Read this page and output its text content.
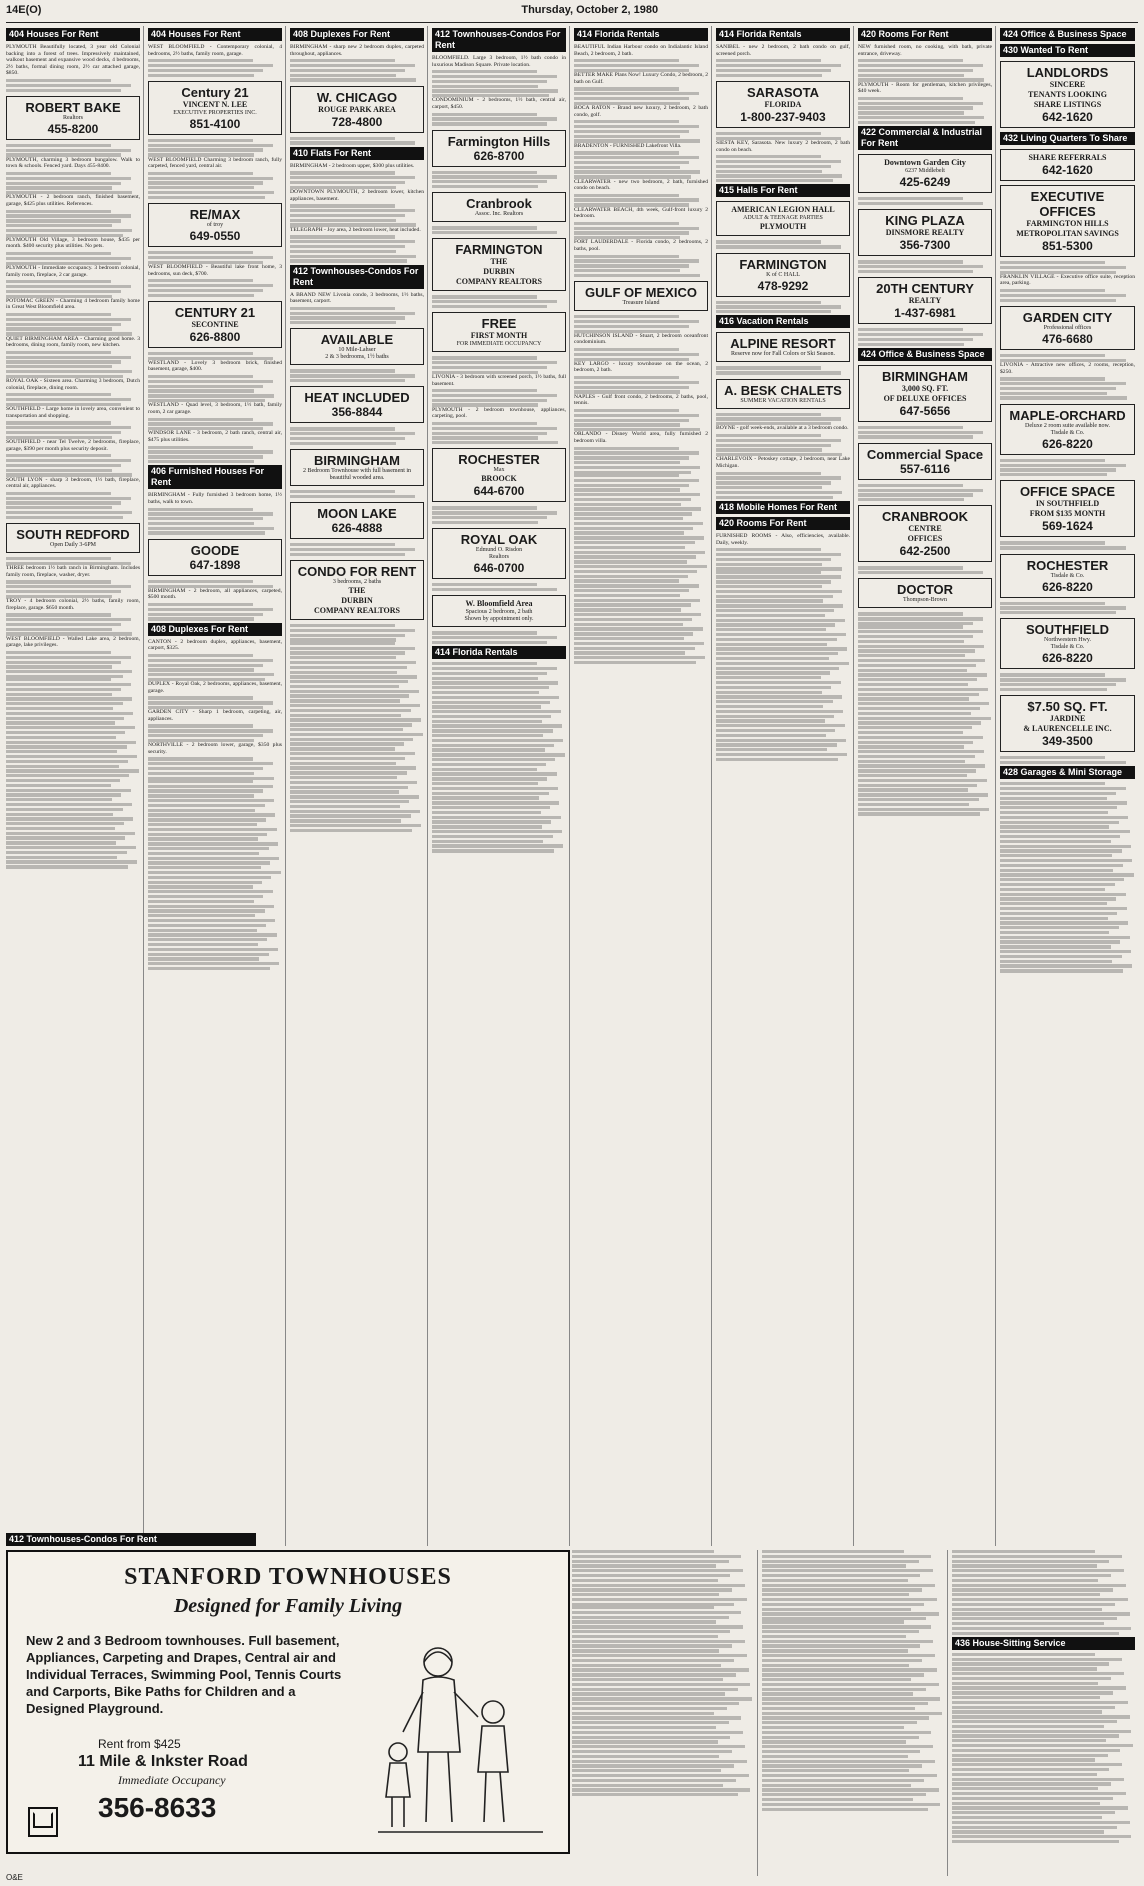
14E(O)	Thursday, October 2, 1980
404 Houses For Rent
PLYMOUTH Beautifully located, 3 year old Colonial backing into a forest of trees. Impressively maintained, walkout basement and expansive wood decks, 4 bedrooms, 2½ baths, formal dining room, 2½ car attached garage, $850.
ROBERT BAKE
Realtors
455-8200
PLYMOUTH, charming 3 bedroom bungalow. Walk to town & schools. Fenced yard. Days 455-8400.
PLYMOUTH - 2 bedroom ranch, finished basement, garage, $425 plus utilities. References.
PLYMOUTH Old Village, 3 bedroom house, $435 per month. $400 security plus utilities. No pets.
PLYMOUTH - Immediate occupancy. 3 bedroom colonial, family room, fireplace, 2 car garage.
POTOMAC GREEN - Charming 4 bedroom family home in Great West Bloomfield area.
QUIET BIRMINGHAM AREA - Charming good home. 3 bedrooms, dining room, family room, new kitchen.
ROYAL OAK - Sixteen area. Charming 3 bedroom, Dutch colonial, fireplace, dining room.
SOUTHFIELD - Large home in lovely area, convenient to transportation and shopping.
SOUTHFIELD - near Tel Twelve, 2 bedrooms, fireplace, garage, $390 per month plus security deposit.
SOUTH LYON - sharp 3 bedroom, 1½ bath, fireplace, central air, appliances.
SOUTH REDFORD
Open Daily 3-6PM
THREE bedroom 1½ bath ranch in Birmingham. Includes family room, fireplace, washer, dryer.
TROY - 4 bedroom colonial, 2½ baths, family room, fireplace, garage. $650 month.
WEST BLOOMFIELD - Walled Lake area, 2 bedroom, garage, lake privileges.
404 Houses For Rent
WEST BLOOMFIELD - Contemporary colonial, 4 bedrooms, 2½ baths, family room, garage.
Century 21
VINCENT N. LEE
EXECUTIVE PROPERTIES INC.
851-4100
WEST BLOOMFIELD Charming 3 bedroom ranch, fully carpeted, fenced yard, central air.
RE/MAX
of troy
649-0550
WEST BLOOMFIELD - Beautiful lake front home, 3 bedrooms, sun deck, $700.
CENTURY 21
SECONTINE
626-8800
WESTLAND - Lovely 3 bedroom brick, finished basement, garage, $400.
WESTLAND - Quad level, 3 bedroom, 1½ bath, family room, 2 car garage.
WINDSOR LANE - 3 bedroom, 2 bath ranch, central air, $475 plus utilities.
406 Furnished Houses For Rent
BIRMINGHAM - Fully furnished 3 bedroom home, 1½ baths, walk to town.
GOODE
647-1898
BIRMINGHAM - 2 bedroom, all appliances, carpeted, $500 month.
408 Duplexes For Rent
CANTON - 2 bedroom duplex, appliances, basement, carport, $325.
DUPLEX - Royal Oak, 2 bedrooms, appliances, basement, garage.
GARDEN CITY - Sharp 1 bedroom, carpeting, air, appliances.
NORTHVILLE - 2 bedroom lower, garage, $350 plus security.
408 Duplexes For Rent
BIRMINGHAM - sharp new 2 bedroom duplex, carpeted throughout, appliances.
W. CHICAGO
ROUGE PARK AREA
728-4800
410 Flats For Rent
BIRMINGHAM - 2 bedroom upper, $300 plus utilities.
DOWNTOWN PLYMOUTH, 2 bedroom lower, kitchen appliances, basement.
TELEGRAPH - Joy area, 2 bedroom lower, heat included.
412 Townhouses-Condos For Rent
A BRAND NEW Livonia condo, 3 bedrooms, 1½ baths, basement, carport.
AVAILABLE
10 Mile-Lahser
2 & 3 bedrooms, 1½ baths
HEAT INCLUDED
356-8844
BIRMINGHAM
2 Bedroom Townhouse with full basement in beautiful wooded area.
MOON LAKE
626-4888
CONDO FOR RENT
3 bedrooms, 2 baths
THE
DURBIN
COMPANY REALTORS
412 Townhouses-Condos For Rent
BLOOMFIELD. Large 3 bedroom, 1½ bath condo in luxurious Madison Square. Private location.
CONDOMINIUM - 2 bedrooms, 1½ bath, central air, carport, $450.
Farmington Hills
626-8700
Cranbrook
Assoc. Inc. Realtors
FARMINGTON
THE
DURBIN
COMPANY REALTORS
FREE
FIRST MONTH
FOR IMMEDIATE OCCUPANCY
LIVONIA - 3 bedroom with screened porch, 1½ baths, full basement.
PLYMOUTH - 2 bedroom townhouse, appliances, carpeting, pool.
ROCHESTER
Max
BROOCK
644-6700
ROYAL OAK
Edmund O. Risdon
Realtors
646-0700
W. Bloomfield Area
Spacious 2 bedroom, 2 bath
Shown by appointment only.
414 Florida Rentals
414 Florida Rentals
BEAUTIFUL Indian Harbour condo on Indialantic Island Beach, 2 bedroom, 2 bath.
BETTER MAKE Plans Now! Luxury Condo, 2 bedroom, 2 bath on Gulf.
BOCA RATON - Brand new luxury, 2 bedroom, 2 bath condo, golf.
BRADENTON - FURNISHED Lakefront Villa.
CLEARWATER - new two bedroom, 2 bath, furnished condo on beach.
CLEARWATER BEACH, 4th week, Gulf-front luxury 2 bedroom.
FORT LAUDERDALE - Florida condo, 2 bedrooms, 2 baths, pool.
GULF OF MEXICO
Treasure Island
HUTCHINSON ISLAND - Stuart, 2 bedroom oceanfront condominium.
KEY LARGO - luxury townhouse on the ocean, 2 bedroom, 2 bath.
NAPLES - Gulf front condo, 2 bedrooms, 2 baths, pool, tennis.
ORLANDO - Disney World area, fully furnished 2 bedroom villa.
414 Florida Rentals
SANIBEL - new 2 bedroom, 2 bath condo on gulf, screened porch.
SARASOTA
FLORIDA
1-800-237-9403
SIESTA KEY, Sarasota. New luxury 2 bedroom, 2 bath condo on beach.
415 Halls For Rent
AMERICAN LEGION HALL
ADULT & TEENAGE PARTIES
PLYMOUTH
FARMINGTON
K of C HALL
478-9292
416 Vacation Rentals
ALPINE RESORT
Reserve now for Fall Colors or Ski Season.
A. BESK CHALETS
SUMMER VACATION RENTALS
BOYNE - golf week-ends, available at a 3 bedroom condo.
CHARLEVOIX - Petoskey cottage, 2 bedroom, near Lake Michigan.
418 Mobile Homes For Rent
420 Rooms For Rent
FURNISHED ROOMS - Also, efficiencies, available. Daily, weekly.
420 Rooms For Rent
NEW furnished room, no cooking, with bath, private entrance, driveway.
PLYMOUTH - Room for gentleman, kitchen privileges, $40 week.
422 Commercial & Industrial For Rent
Downtown Garden City
6237 Middlebelt
425-6249
KING PLAZA
DINSMORE REALTY
356-7300
20TH CENTURY
REALTY
1-437-6981
424 Office & Business Space
BIRMINGHAM
3,000 SQ. FT.
OF DELUXE OFFICES
647-5656
Commercial Space
557-6116
CRANBROOK
CENTRE
OFFICES
642-2500
DOCTOR
Thompson-Brown
424 Office & Business Space
430 Wanted To Rent
LANDLORDS
SINCERE
TENANTS LOOKING
SHARE LISTINGS
642-1620
432 Living Quarters To Share
SHARE REFERRALS
642-1620
EXECUTIVE OFFICES
FARMINGTON HILLS
METROPOLITAN SAVINGS
851-5300
FRANKLIN VILLAGE - Executive office suite, reception area, parking.
GARDEN CITY
Professional offices
476-6680
LIVONIA - Attractive new offices, 2 rooms, reception, $250.
MAPLE-ORCHARD
Deluxe 2 room suite available now.
Tisdale & Co.
626-8220
OFFICE SPACE
IN SOUTHFIELD
FROM $135 MONTH
569-1624
ROCHESTER
Tisdale & Co.
626-8220
SOUTHFIELD
Northwestern Hwy.
Tisdale & Co.
626-8220
$7.50 SQ. FT.
JARDINE
& LAURENCELLE INC.
349-3500
428 Garages & Mini Storage
412 Townhouses-Condos For Rent
STANFORD TOWNHOUSES
Designed for Family Living
New 2 and 3 Bedroom townhouses. Full basement, Appliances, Carpeting and Drapes, Central air and Individual Terraces, Swimming Pool, Tennis Courts and Carports, Bike Paths for Children and a Designed Playground.
Rent from $425
11 Mile & Inkster Road
Immediate Occupancy
356-8633
436 House-Sitting Service
O&E
